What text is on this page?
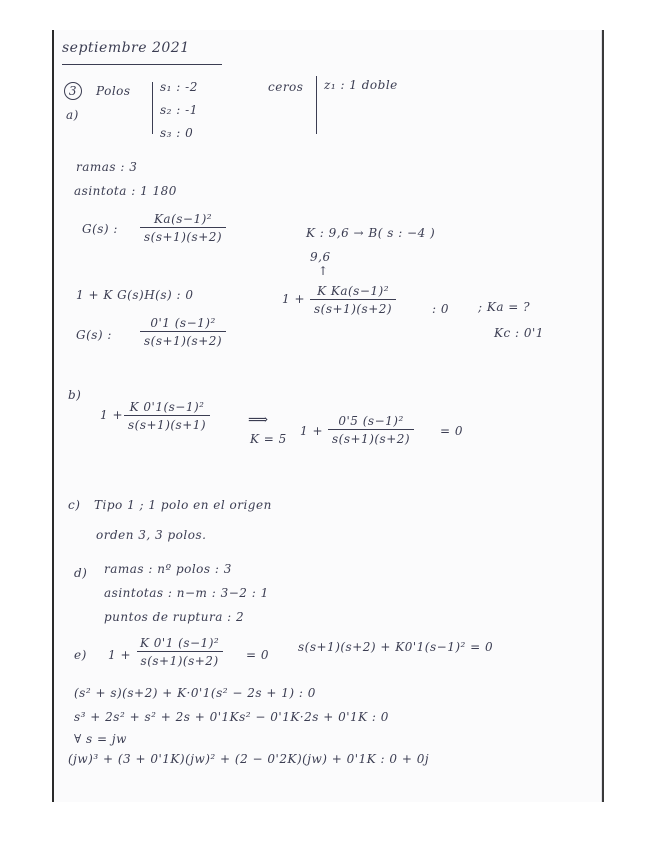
septiembre 2021
3 Polos
a)
s₁ : -2
s₂ : -1
s₃ : 0
ceros z₁ : 1 doble
ramas : 3
asintota : 1 180
G(s) : $\frac{\text{Ka(s−1)²}}{s(s+1)(s+2)}$	K : 9,6 → B( s : −4 )
9,6
↑
1 + K G(s)H(s) : 0	$1 + \frac{\text{K Ka(s−1)²}}{s(s+1)(s+2)}$	: 0 ; Ka = ?
Kc : 0'1
G(s) : $\frac{\text{0'1 (s−1)²}}{s(s+1)(s+2)}$
b)
$1 + \frac{\text{K 0'1(s−1)²}}{s(s+1)(s+1)}$	⟹
K = 5
$1 + \frac{\text{0'5 (s−1)²}}{s(s+1)(s+2)} = 0$
c) Tipo 1 ; 1 polo en el origen
orden 3, 3 polos.
d) ramas : nº polos : 3
asintotas : n−m : 3−2 : 1
puntos de ruptura : 2
e) $1 + \frac{\text{K 0'1 (s−1)²}}{s(s+1)(s+2)} = 0$
s(s+1)(s+2) + K0'1(s−1)² = 0
(s² + s)(s+2) + K·0'1(s² − 2s + 1) : 0
s³ + 2s² + s² + 2s + 0'1Ks² − 0'1K·2s + 0'1K : 0
∀ s = jw
(jw)³ + (3 + 0'1K)(jw)² + (2 − 0'2K)(jw) + 0'1K : 0 + 0j
